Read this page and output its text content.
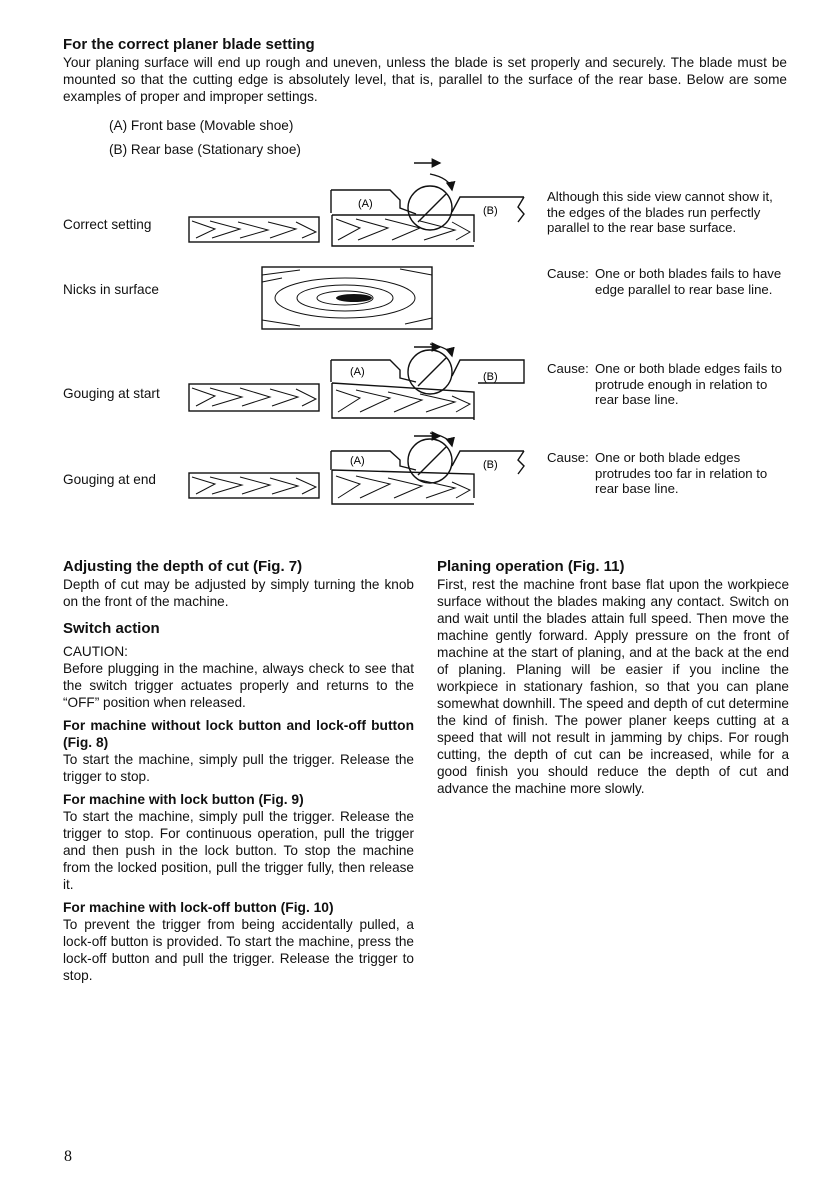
For the correct planer blade setting

Your planing surface will end up rough and uneven, unless the blade is set properly and securely. The blade must be mounted so that the cutting edge is absolutely level, that is, parallel to the surface of the rear base. Below are some examples of proper and improper settings.

(A) Front base (Movable shoe)

(B) Rear base (Stationary shoe)

Correct setting
Nicks in surface
Gouging at start
Gouging at end

Although this side view cannot show it, the edges of the blades run perfectly parallel to the rear base surface.

Cause: One or both blades fails to have edge parallel to rear base line.
Cause: One or both blade edges fails to protrude enough in relation to rear base line.
Cause: One or both blade edges protrudes too far in relation to rear base line.
(A)
(B)
(A)	(B)
(A)	(B)
Adjusting the depth of cut (Fig. 7)

Depth of cut may be adjusted by simply turning the knob on the front of the machine.

Switch action

CAUTION:

Before plugging in the machine, always check to see that the switch trigger actuates properly and returns to the “OFF” position when released.

For machine without lock button and lock-off button (Fig. 8)

To start the machine, simply pull the trigger. Release the trigger to stop.

For machine with lock button (Fig. 9)

To start the machine, simply pull the trigger. Release the trigger to stop. For continuous operation, pull the trigger and then push in the lock button. To stop the machine from the locked position, pull the trigger fully, then release it.

For machine with lock-off button (Fig. 10)

To prevent the trigger from being accidentally pulled, a lock-off button is provided. To start the machine, press the lock-off button and pull the trigger. Release the trigger to stop.

Planing operation (Fig. 11)

First, rest the machine front base flat upon the workpiece surface without the blades making any contact. Switch on and wait until the blades attain full speed. Then move the machine gently forward. Apply pressure on the front of machine at the start of planing, and at the back at the end of planing. Planing will be easier if you incline the workpiece in stationary fashion, so that you can plane somewhat downhill. The speed and depth of cut determine the kind of finish. The power planer keeps cutting at a speed that will not result in jamming by chips. For rough cutting, the depth of cut can be increased, while for a good finish you should reduce the depth of cut and advance the machine more slowly.

8
